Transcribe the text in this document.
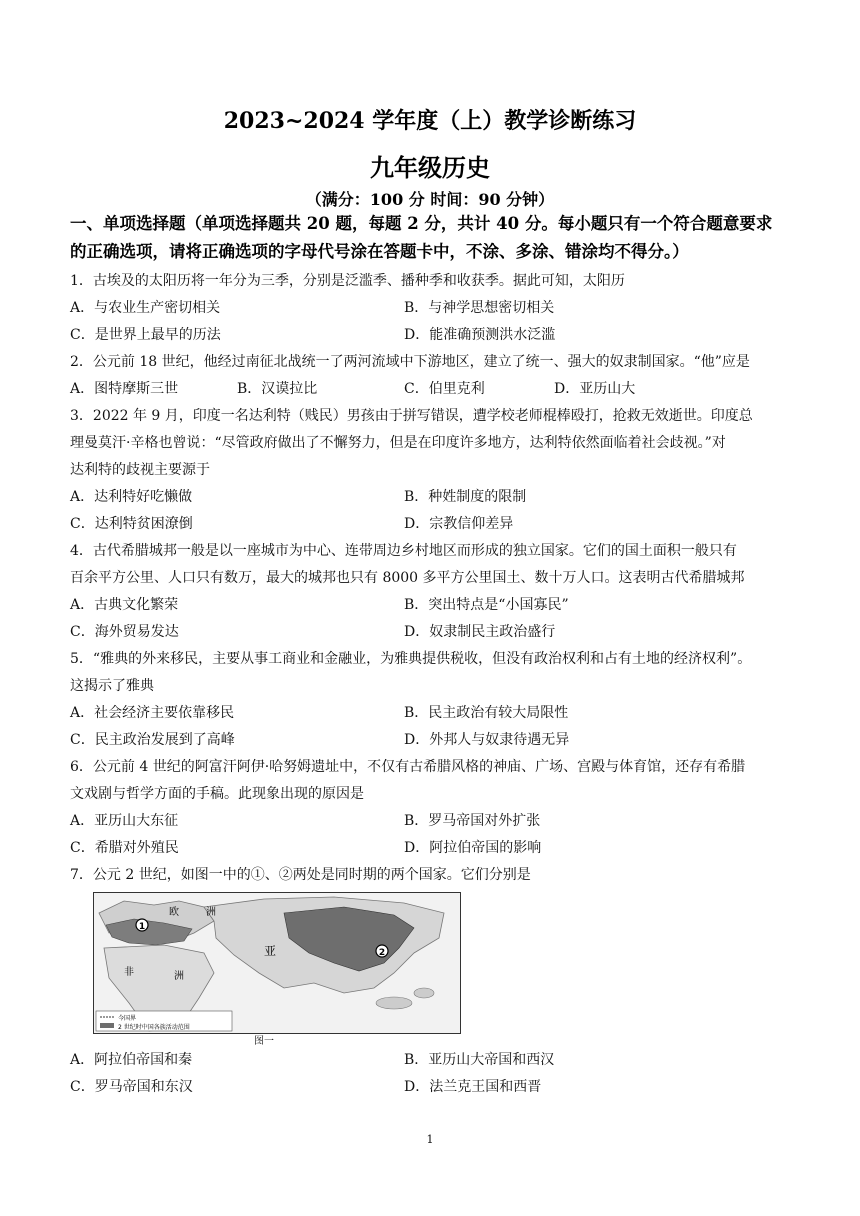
2023~2024 学年度（上）教学诊断练习
九年级历史
（满分：100 分 时间：90 分钟）
一、单项选择题（单项选择题共 20 题，每题 2 分，共计 40 分。每小题只有一个符合题意要求
的正确选项，请将正确选项的字母代号涂在答题卡中，不涂、多涂、错涂均不得分。）
1．古埃及的太阳历将一年分为三季，分别是泛滥季、播种季和收获季。据此可知，太阳历
A．与农业生产密切相关	B．与神学思想密切相关
C．是世界上最早的历法	D．能准确预测洪水泛滥
2．公元前 18 世纪，他经过南征北战统一了两河流域中下游地区，建立了统一、强大的奴隶制国家。“他”应是
A．图特摩斯三世	B．汉谟拉比	C．伯里克利	D．亚历山大
3．2022 年 9 月，印度一名达利特（贱民）男孩由于拼写错误，遭学校老师棍棒殴打，抢救无效逝世。印度总
理曼莫汗·辛格也曾说：“尽管政府做出了不懈努力，但是在印度许多地方，达利特依然面临着社会歧视。”对
达利特的歧视主要源于
A．达利特好吃懒做	B．种姓制度的限制
C．达利特贫困潦倒	D．宗教信仰差异
4．古代希腊城邦一般是以一座城市为中心、连带周边乡村地区而形成的独立国家。它们的国土面积一般只有
百余平方公里、人口只有数万，最大的城邦也只有 8000 多平方公里国土、数十万人口。这表明古代希腊城邦
A．古典文化繁荣	B．突出特点是“小国寡民”
C．海外贸易发达	D．奴隶制民主政治盛行
5．“雅典的外来移民，主要从事工商业和金融业，为雅典提供税收，但没有政治权利和占有土地的经济权利”。
这揭示了雅典
A．社会经济主要依靠移民	B．民主政治有较大局限性
C．民主政治发展到了高峰	D．外邦人与奴隶待遇无异
6．公元前 4 世纪的阿富汗阿伊·哈努姆遗址中，不仅有古希腊风格的神庙、广场、宫殿与体育馆，还存有希腊
文戏剧与哲学方面的手稿。此现象出现的原因是
A．亚历山大东征	B．罗马帝国对外扩张
C．希腊对外殖民	D．阿拉伯帝国的影响
7．公元 2 世纪，如图一中的①、②两处是同时期的两个国家。它们分别是
1
2
欧	洲
亚
非	洲
今国界
2 世纪时中国各族活动范围
图一
A．阿拉伯帝国和秦	B．亚历山大帝国和西汉
C．罗马帝国和东汉	D．法兰克王国和西晋
1
